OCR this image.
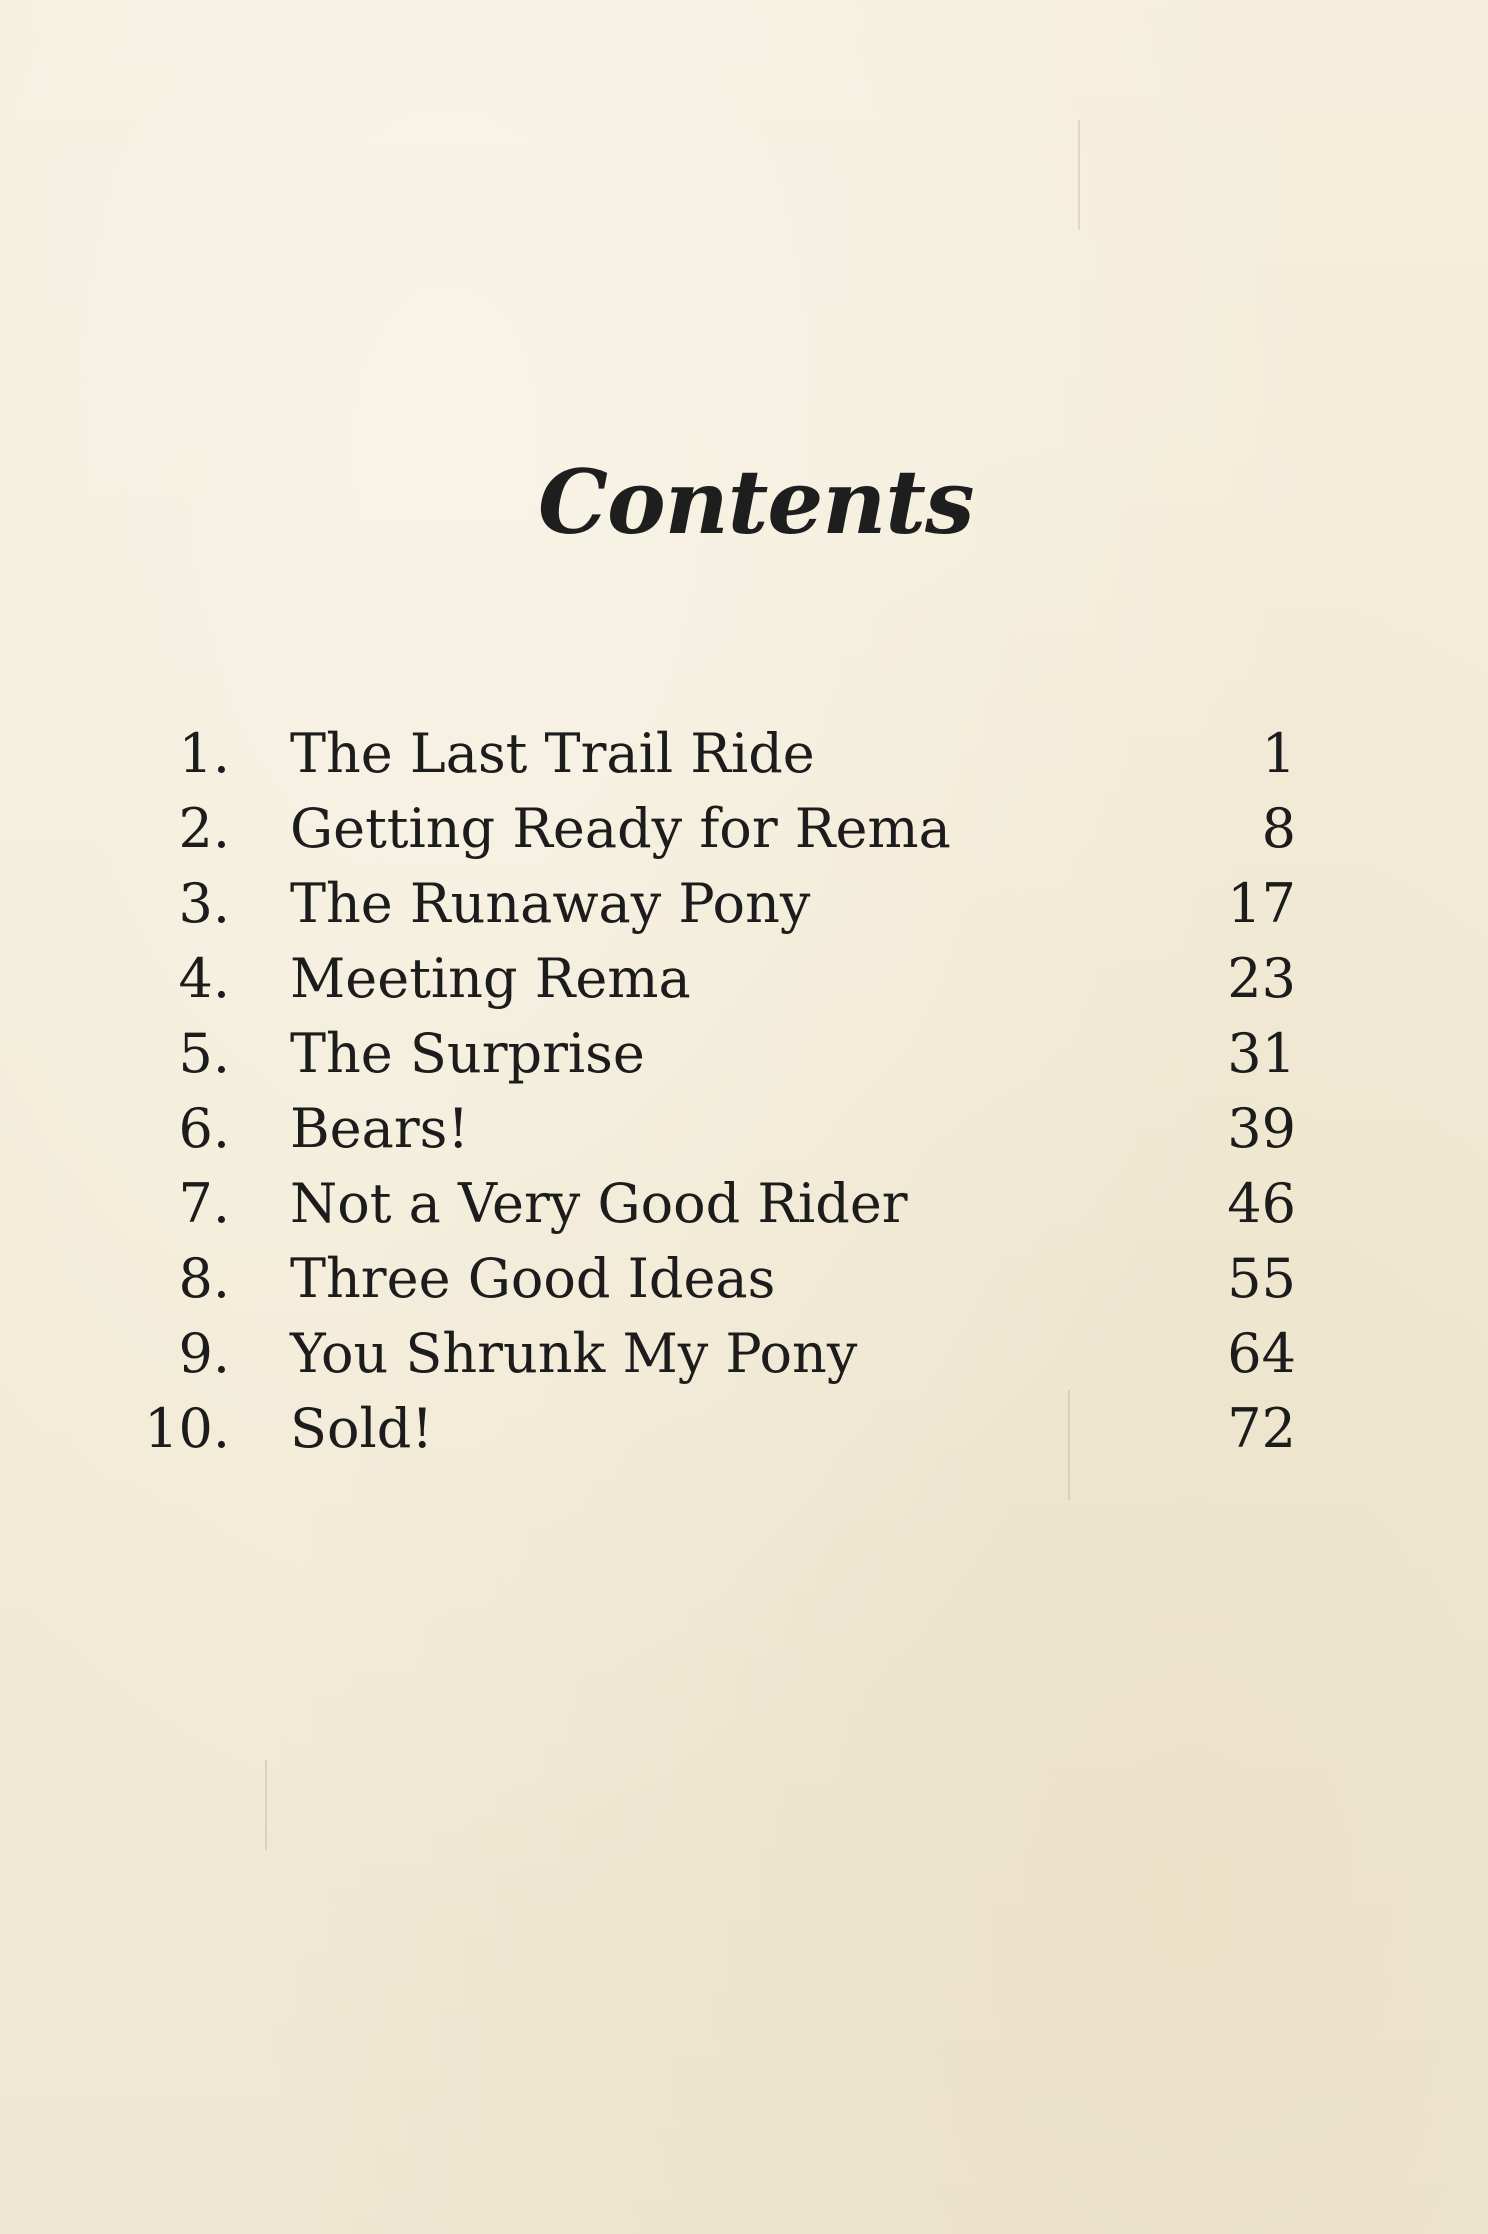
Contents
1. The Last Trail Ride	1
2. Getting Ready for Rema	8
3. The Runaway Pony	17
4. Meeting Rema	23
5. The Surprise	31
6. Bears!	39
7. Not a Very Good Rider	46
8. Three Good Ideas	55
9. You Shrunk My Pony	64
10. Sold!	72
